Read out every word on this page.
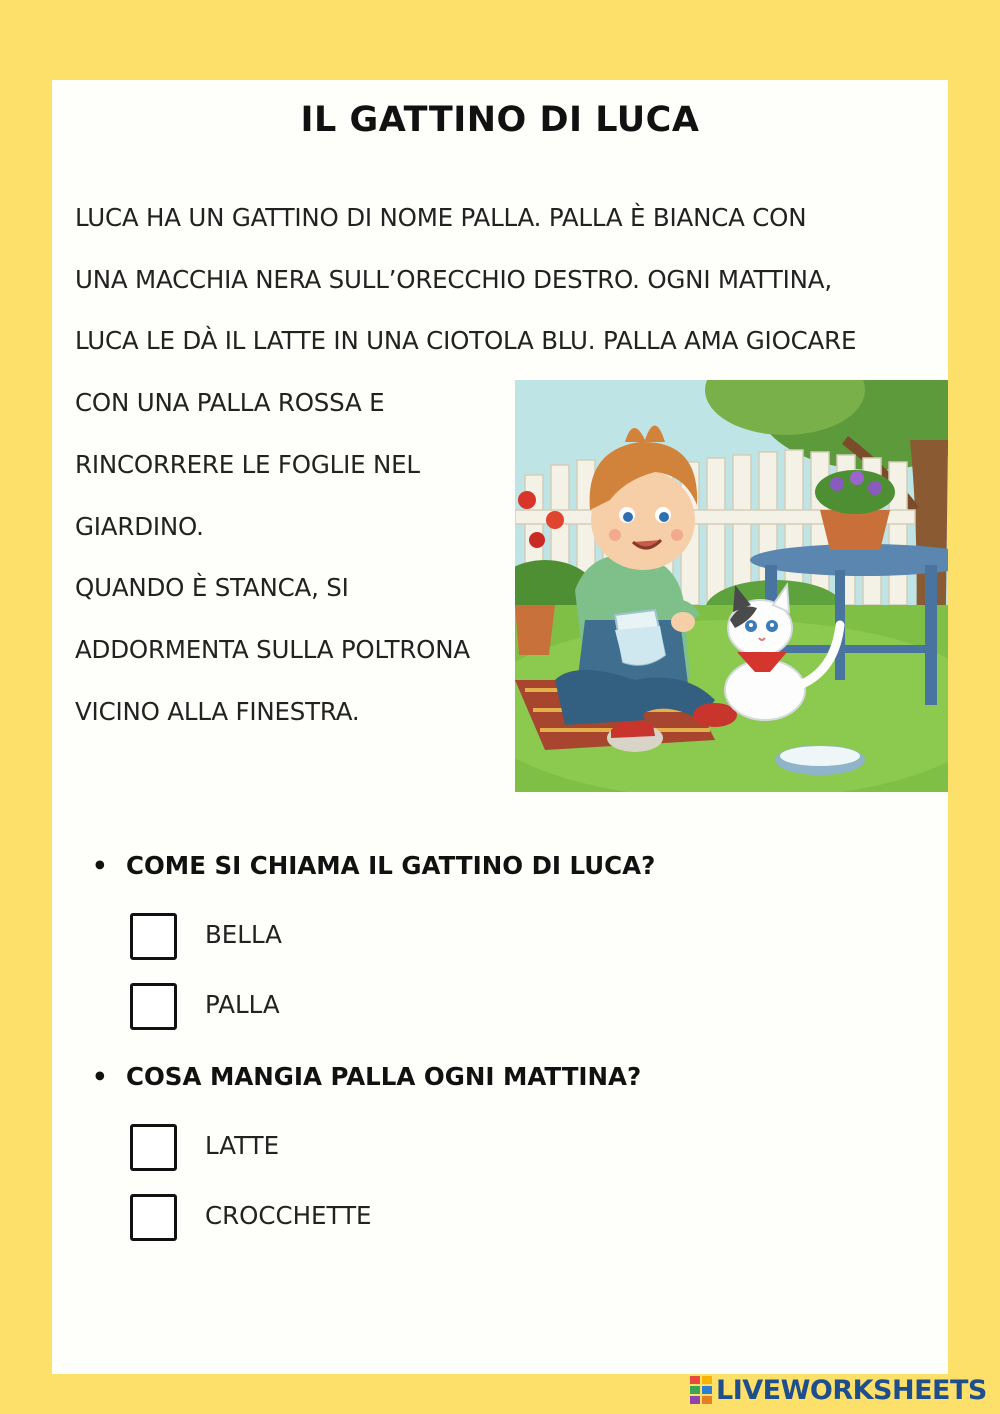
IL GATTINO DI LUCA
LUCA HA UN GATTINO DI NOME PALLA. PALLA È BIANCA CON
UNA MACCHIA NERA SULL’ORECCHIO DESTRO. OGNI MATTINA,
LUCA LE DÀ IL LATTE IN UNA CIOTOLA BLU. PALLA AMA GIOCARE
CON UNA PALLA ROSSA E
RINCORRERE LE FOGLIE NEL
GIARDINO.
QUANDO È STANCA, SI
ADDORMENTA SULLA POLTRONA
VICINO ALLA FINESTRA.
• COME SI CHIAMA IL GATTINO DI LUCA?
BELLA
PALLA
• COSA MANGIA PALLA OGNI MATTINA?
LATTE
CROCCHETTE
LIVEWORKSHEETS
